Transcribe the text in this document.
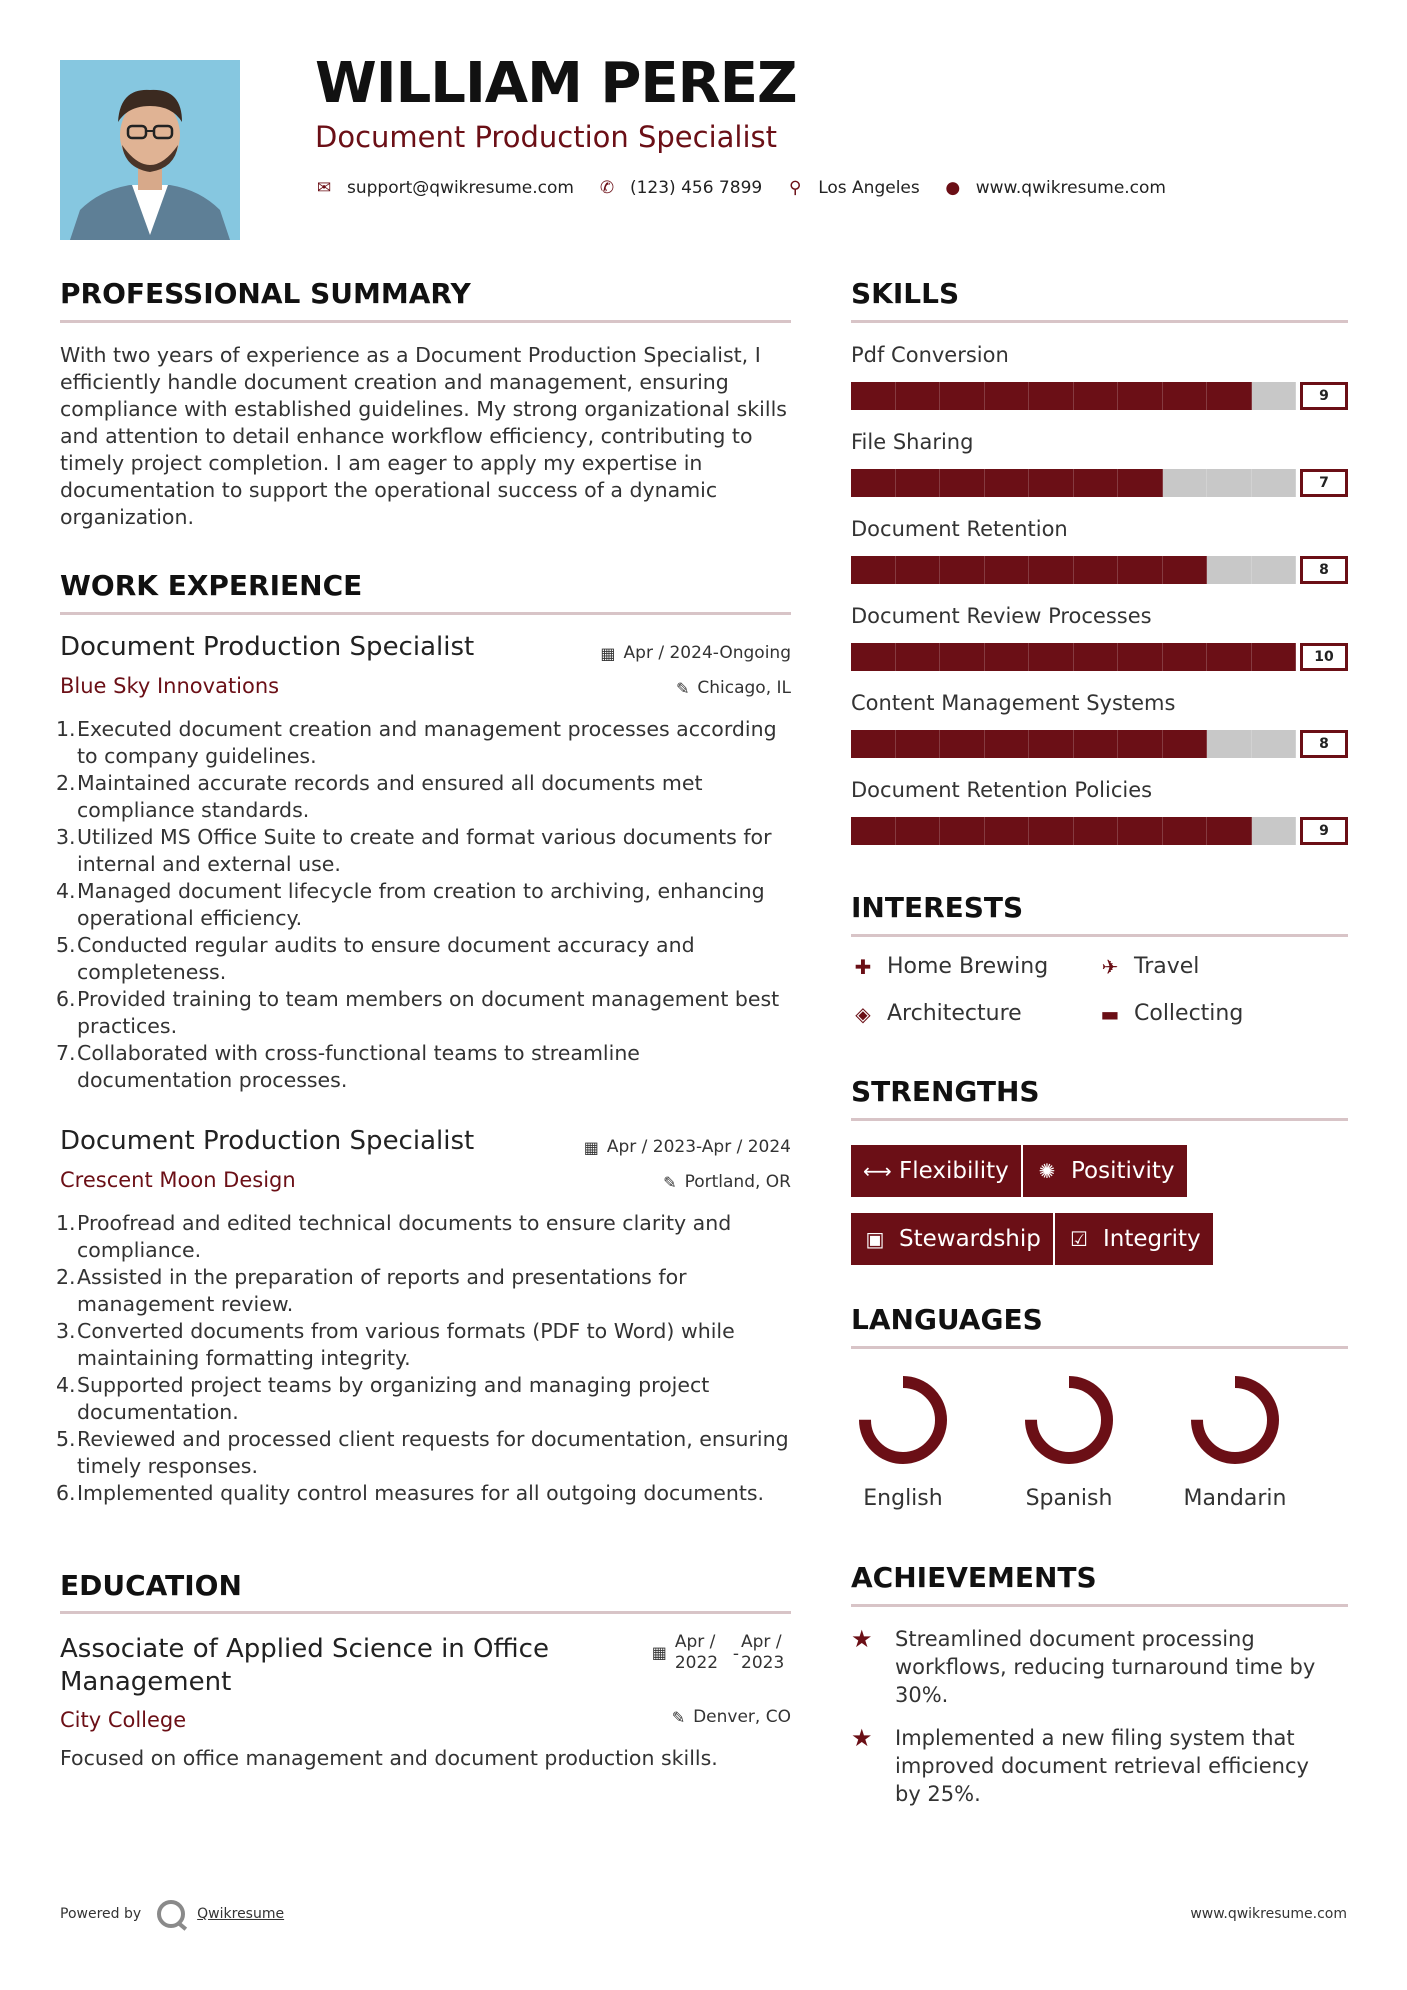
WILLIAM PEREZ
Document Production Specialist
✉ support@qwikresume.com ✆ (123) 456 7899 ⚲ Los Angeles ● www.qwikresume.com
PROFESSIONAL SUMMARY
With two years of experience as a Document Production Specialist, I efficiently handle document creation and management, ensuring compliance with established guidelines. My strong organizational skills and attention to detail enhance workflow efficiency, contributing to timely project completion. I am eager to apply my expertise in documentation to support the operational success of a dynamic organization.
WORK EXPERIENCE
Document Production Specialist	▦ Apr / 2024-Ongoing
Blue Sky Innovations	✎ Chicago, IL
1. Executed document creation and management processes according to company guidelines.
2. Maintained accurate records and ensured all documents met compliance standards.
3. Utilized MS Office Suite to create and format various documents for internal and external use.
4. Managed document lifecycle from creation to archiving, enhancing operational efficiency.
5. Conducted regular audits to ensure document accuracy and completeness.
6. Provided training to team members on document management best practices.
7. Collaborated with cross-functional teams to streamline documentation processes.
Document Production Specialist	▦ Apr / 2023-Apr / 2024
Crescent Moon Design	✎ Portland, OR
1. Proofread and edited technical documents to ensure clarity and compliance.
2. Assisted in the preparation of reports and presentations for management review.
3. Converted documents from various formats (PDF to Word) while maintaining formatting integrity.
4. Supported project teams by organizing and managing project documentation.
5. Reviewed and processed client requests for documentation, ensuring timely responses.
6. Implemented quality control measures for all outgoing documents.
EDUCATION
Associate of Applied Science in Office Management
▦
Apr / 2022 -
Apr / 2023
City College	✎ Denver, CO
Focused on office management and document production skills.
SKILLS
Pdf Conversion
9
File Sharing
7
Document Retention
8
Document Review Processes
10
Content Management Systems
8
Document Retention Policies
9
INTERESTS
✚ Home Brewing	✈ Travel
◈ Architecture	▬ Collecting
STRENGTHS
⟷ Flexibility ✺ Positivity
▣ Stewardship ☑ Integrity
LANGUAGES
English	Spanish	Mandarin
ACHIEVEMENTS
★	Streamlined document processing workflows, reducing turnaround time by 30%.
★	Implemented a new filing system that improved document retrieval efficiency by 25%.
Powered by	Qwikresume	www.qwikresume.com
